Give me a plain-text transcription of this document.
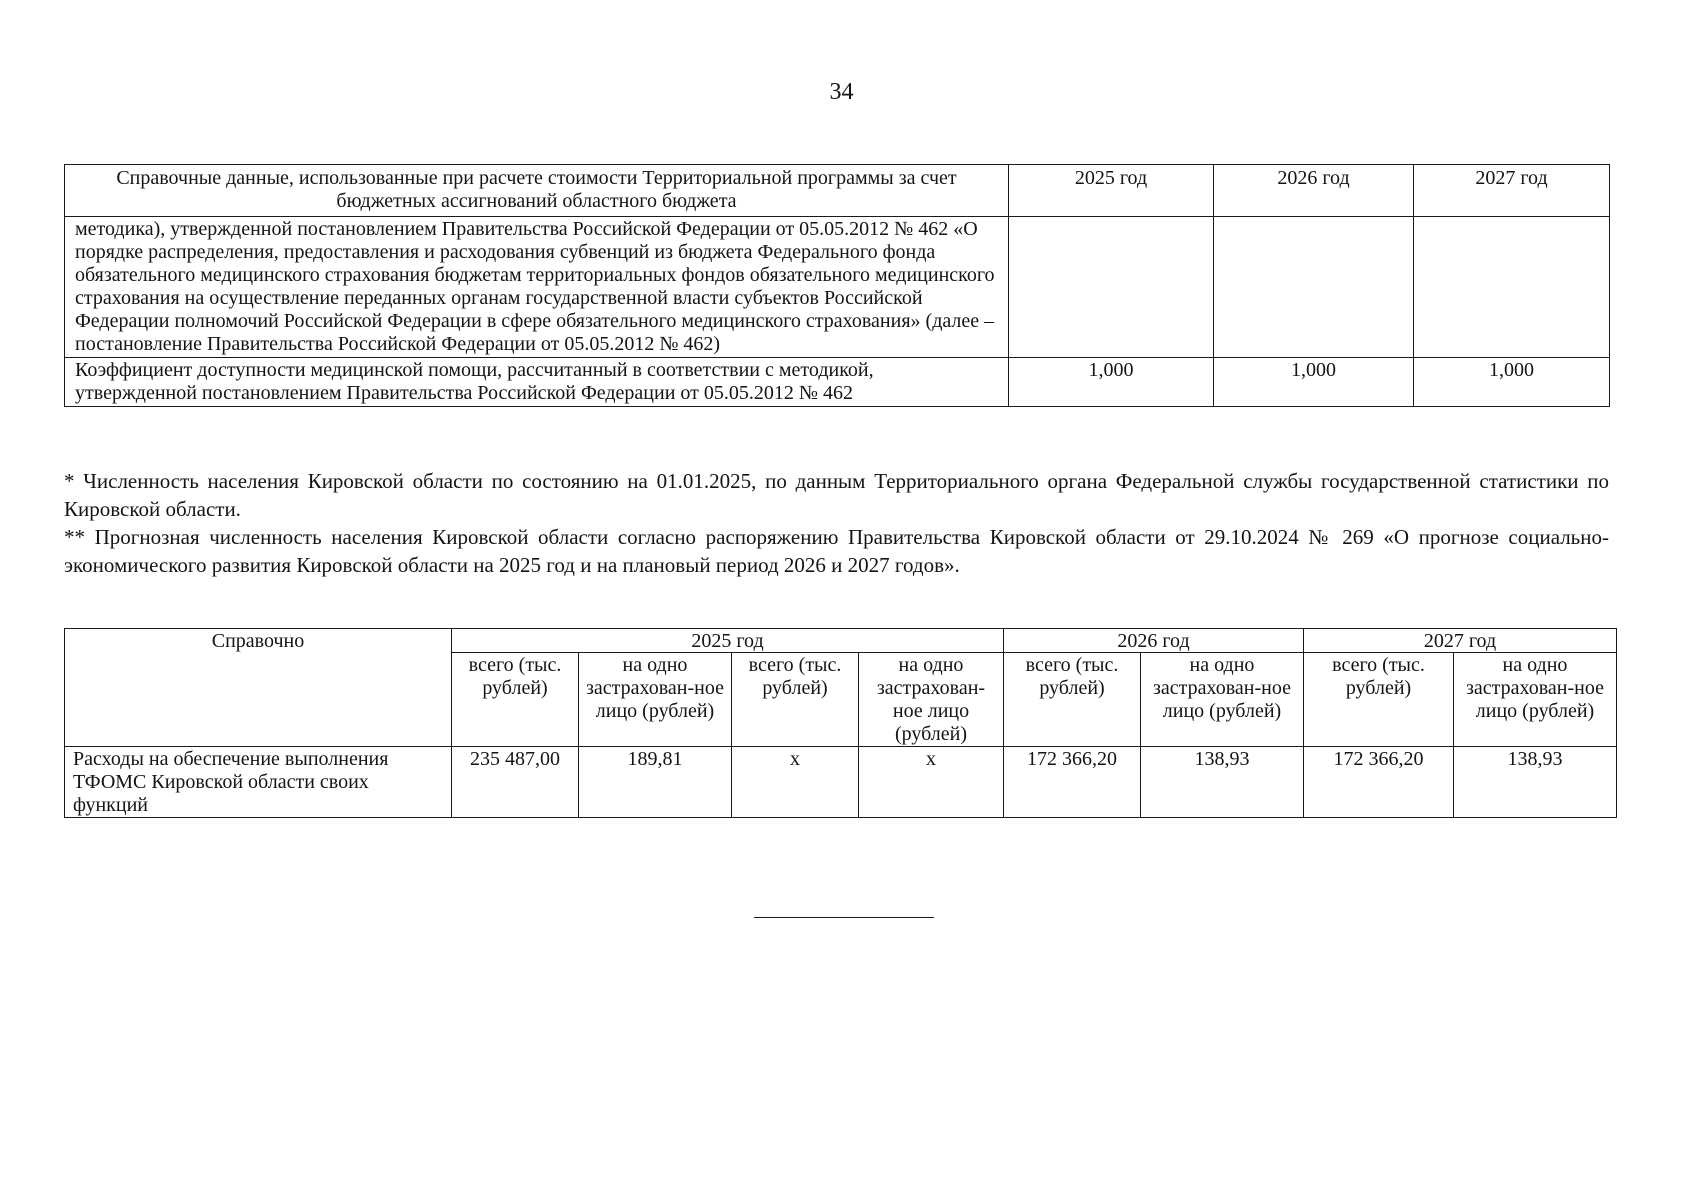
34
Справочные данные, использованные при расчете стоимости Территориальной программы за счет бюджетных ассигнований областного бюджета	2025 год	2026 год	2027 год
методика), утвержденной постановлением Правительства Российской Федерации от 05.05.2012 № 462 «О порядке распределения, предоставления и расходования субвенций из бюджета Федерального фонда обязательного медицинского страхования бюджетам территориальных фондов обязательного медицинского страхования на осуществление переданных органам государственной власти субъектов Российской Федерации полномочий Российской Федерации в сфере обязательного медицинского страхования» (далее – постановление Правительства Российской Федерации от 05.05.2012 № 462)			
Коэффициент доступности медицинской помощи, рассчитанный в соответствии с методикой, утвержденной постановлением Правительства Российской Федерации от 05.05.2012 № 462	1,000	1,000	1,000

* Численность населения Кировской области по состоянию на 01.01.2025, по данным Территориального органа Федеральной службы государственной статистики по Кировской области.

** Прогнозная численность населения Кировской области согласно распоряжению Правительства Кировской области от 29.10.2024 № 269 «О прогнозе социально-экономического развития Кировской области на 2025 год и на плановый период 2026 и 2027 годов».

Справочно	2025 год				2026 год		2027 год	
	всего (тыс. рублей)	на одно застрахован-ное лицо (рублей)	всего (тыс. рублей)	на одно застрахован-ное лицо (рублей)	всего (тыс. рублей)	на одно застрахован-ное лицо (рублей)	всего (тыс. рублей)	на одно застрахован-ное лицо (рублей)
Расходы на обеспечение выполнения ТФОМС Кировской области своих функций	235 487,00	189,81	х	х	172 366,20	138,93	172 366,20	138,93
